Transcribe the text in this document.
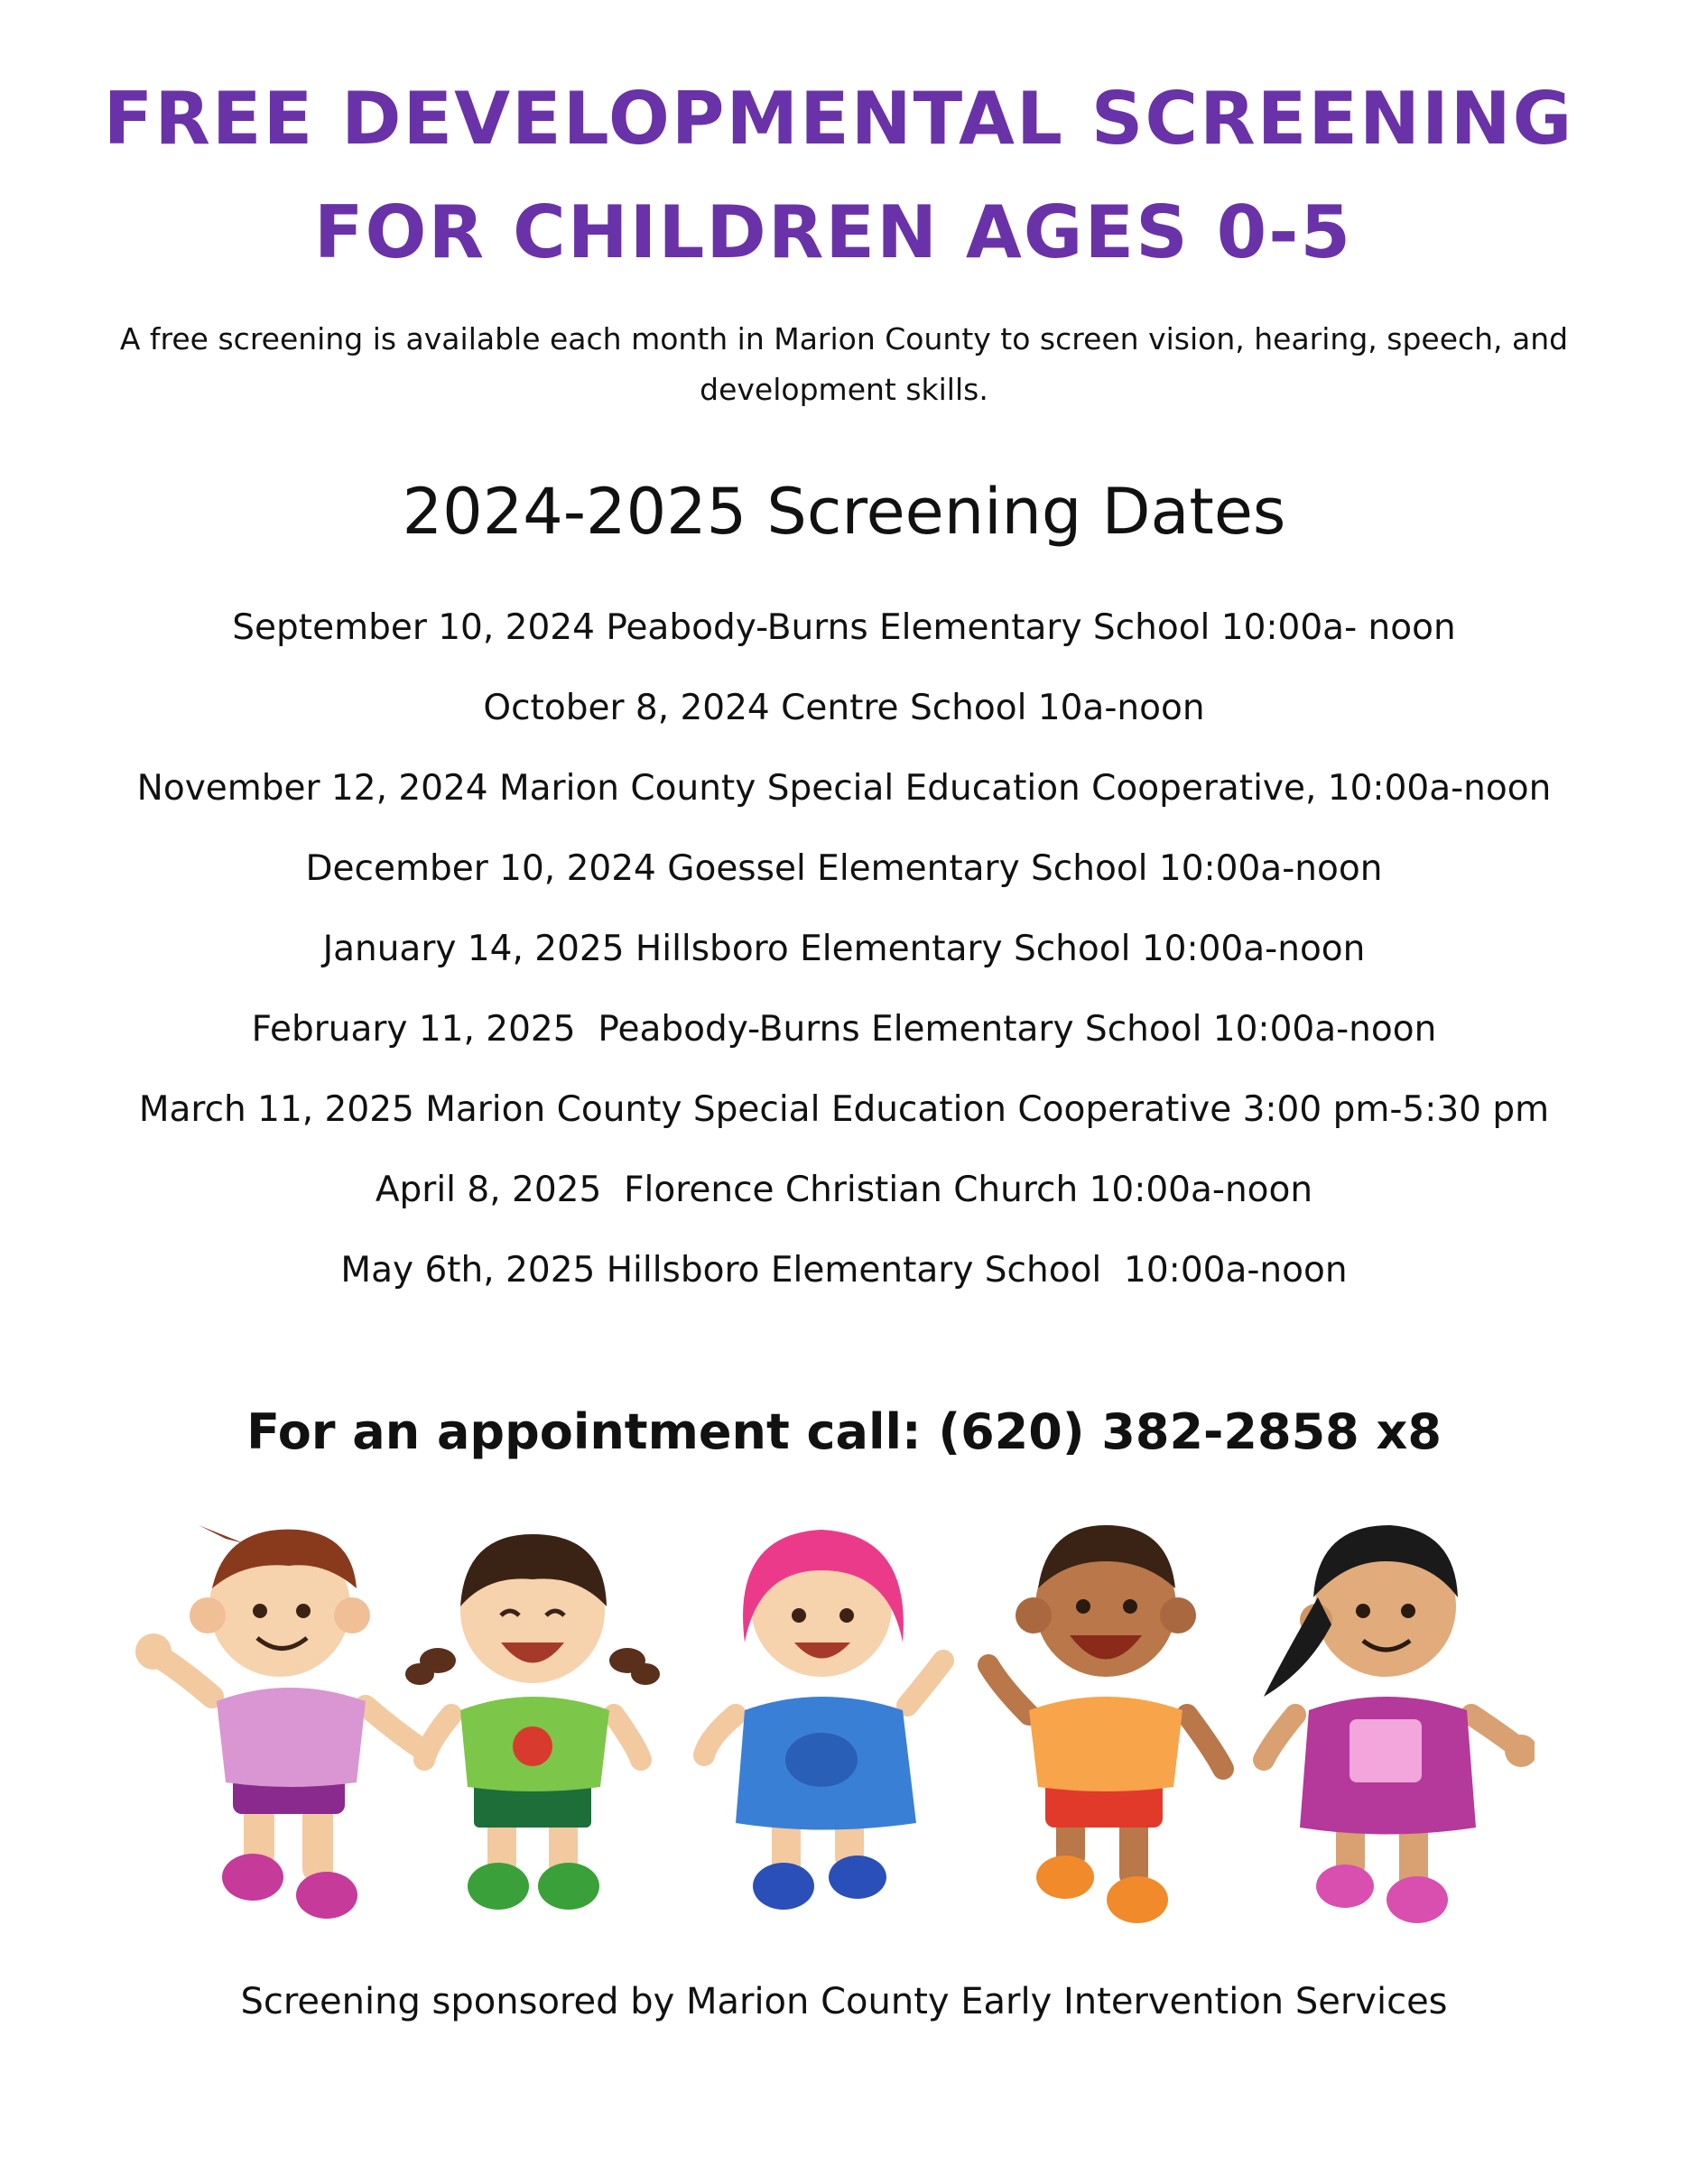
FREE DEVELOPMENTAL SCREENING
FOR CHILDREN AGES 0-5
A free screening is available each month in Marion County to screen vision, hearing, speech, and
development skills.
2024-2025 Screening Dates
September 10, 2024 Peabody-Burns Elementary School 10:00a- noon
October 8, 2024 Centre School 10a-noon
November 12, 2024 Marion County Special Education Cooperative, 10:00a-noon
December 10, 2024 Goessel Elementary School 10:00a-noon
January 14, 2025 Hillsboro Elementary School 10:00a-noon
February 11, 2025  Peabody-Burns Elementary School 10:00a-noon
March 11, 2025 Marion County Special Education Cooperative 3:00 pm-5:30 pm
April 8, 2025  Florence Christian Church 10:00a-noon
May 6th, 2025 Hillsboro Elementary School  10:00a-noon
For an appointment call: (620) 382-2858 x8
Screening sponsored by Marion County Early Intervention Services
